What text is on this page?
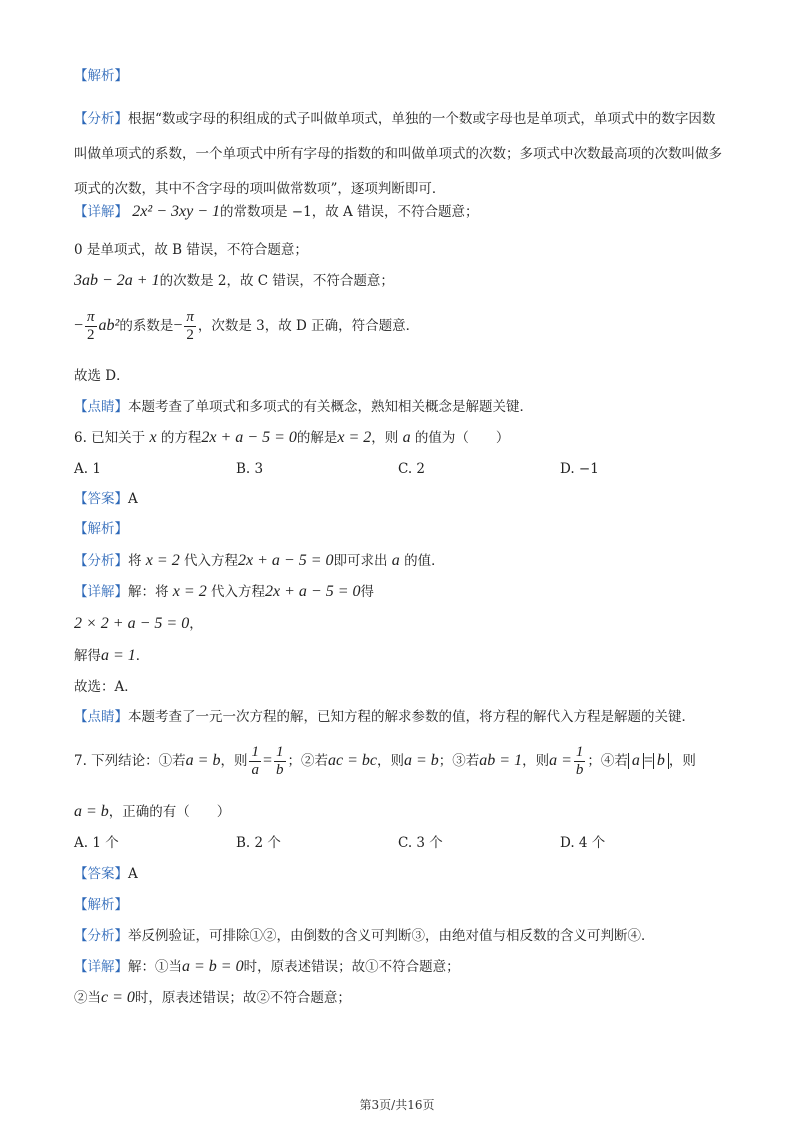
【解析】
【分析】根据“数或字母的积组成的式子叫做单项式，单独的一个数或字母也是单项式，单项式中的数字因数叫做单项式的系数，一个单项式中所有字母的指数的和叫做单项式的次数；多项式中次数最高项的次数叫做多项式的次数，其中不含字母的项叫做常数项”，逐项判断即可．
【详解】 2x² − 3xy − 1的常数项是 −1，故 A 错误，不符合题意；
0 是单项式，故 B 错误，不符合题意；
3ab − 2a + 1的次数是 2，故 C 错误，不符合题意；
− $\frac{\pi}{2} ab^2$的系数是− $\frac{\pi}{2}$ ，次数是 3，故 D 正确，符合题意．
故选 D．
【点睛】本题考查了单项式和多项式的有关概念，熟知相关概念是解题关键．
6. 已知关于 x 的方程2x + a − 5 = 0的解是x = 2，则 a 的值为（　　）
A. 1	B. 3	C. 2	D. −1
【答案】A
【解析】
【分析】将 x = 2 代入方程2x + a − 5 = 0即可求出 a 的值．
【详解】解：将 x = 2 代入方程2x + a − 5 = 0得
2 × 2 + a − 5 = 0，
解得a = 1．
故选：A．
【点睛】本题考查了一元一次方程的解，已知方程的解求参数的值，将方程的解代入方程是解题的关键．
7. 下列结论：①若a = b，则 $\frac{1}{a} = \frac{1}{b}$ ；②若ac = bc，则a = b；③若ab = 1，则$a = \frac{1}{b}$ ；④若 a = b ，则
a = b，正确的有（　　）
A. 1 个	B. 2 个	C. 3 个	D. 4 个
【答案】A
【解析】
【分析】举反例验证，可排除①②，由倒数的含义可判断③，由绝对值与相反数的含义可判断④．
【详解】解：①当a = b = 0时，原表述错误；故①不符合题意；
②当c = 0时，原表述错误；故②不符合题意；
第3页/共16页
